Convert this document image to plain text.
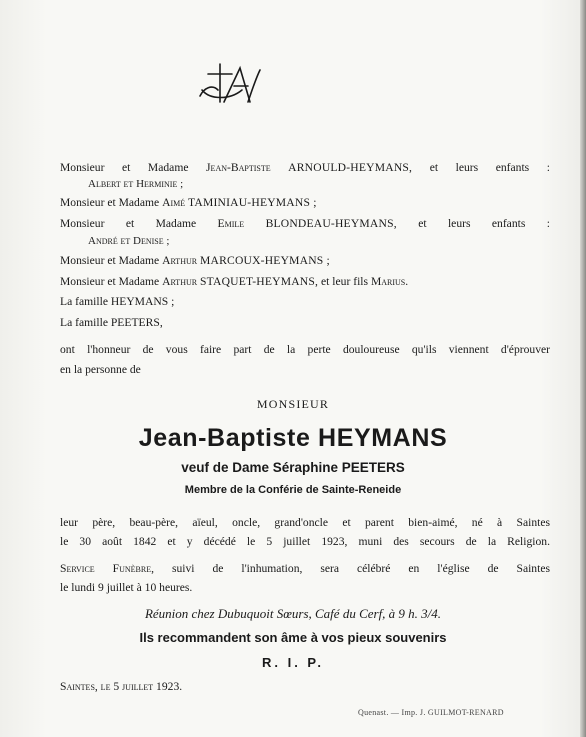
Monsieur et Madame Jean-Baptiste ARNOULD-HEYMANS, et leurs enfants :
Albert et Herminie ;
Monsieur et Madame Aimé TAMINIAU-HEYMANS ;
Monsieur et Madame Emile BLONDEAU-HEYMANS, et leurs enfants :
André et Denise ;
Monsieur et Madame Arthur MARCOUX-HEYMANS ;
Monsieur et Madame Arthur STAQUET-HEYMANS, et leur fils Marius.
La famille HEYMANS ;
La famille PEETERS,
ont l'honneur de vous faire part de la perte douloureuse qu'ils viennent d'éprouver
en la personne de
MONSIEUR
Jean-Baptiste HEYMANS
veuf de Dame Séraphine PEETERS
Membre de la Conférie de Sainte-Reneide
leur père, beau-père, aïeul, oncle, grand'oncle et parent bien-aimé, né à Saintes
le 30 août 1842 et y décédé le 5 juillet 1923, muni des secours de la Religion.
Service Funèbre, suivi de l'inhumation, sera célébré en l'église de Saintes
le lundi 9 juillet à 10 heures.
Réunion chez Dubuquoit Sœurs, Café du Cerf, à 9 h. 3/4.
Ils recommandent son âme à vos pieux souvenirs
R. I. P.
Saintes, le 5 juillet 1923.
Quenast. — Imp. J. GUILMOT-RENARD
